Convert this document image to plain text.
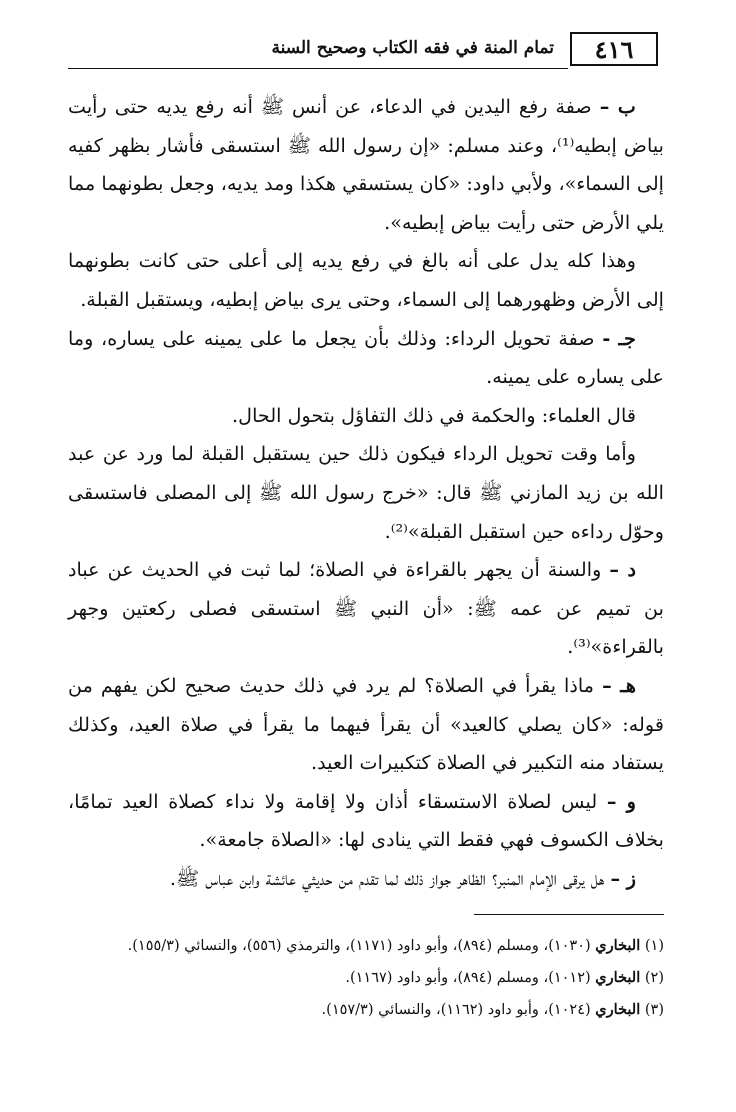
٤١٦
تمام المنة في فقه الكتاب وصحيح السنة

ب – صفة رفع اليدين في الدعاء، عن أنس ﷺ أنه رفع يديه حتى رأيت بياض إبطيه⁽¹⁾، وعند مسلم: «إن رسول الله ﷺ استسقى فأشار بظهر كفيه إلى السماء»، ولأبي داود: «كان يستسقي هكذا ومد يديه، وجعل بطونهما مما يلي الأرض حتى رأيت بياض إبطيه».

وهذا كله يدل على أنه بالغ في رفع يديه إلى أعلى حتى كانت بطونهما إلى الأرض وظهورهما إلى السماء، وحتى يرى بياض إبطيه، ويستقبل القبلة.

جـ - صفة تحويل الرداء: وذلك بأن يجعل ما على يمينه على يساره، وما على يساره على يمينه.

قال العلماء: والحكمة في ذلك التفاؤل بتحول الحال.

وأما وقت تحويل الرداء فيكون ذلك حين يستقبل القبلة لما ورد عن عبد الله بن زيد المازني ﷺ قال: «خرج رسول الله ﷺ إلى المصلى فاستسقى وحوّل رداءه حين استقبل القبلة»⁽²⁾.

د – والسنة أن يجهر بالقراءة في الصلاة؛ لما ثبت في الحديث عن عباد بن تميم عن عمه ﷺ: «أن النبي ﷺ استسقى فصلى ركعتين وجهر بالقراءة»⁽³⁾.

هـ – ماذا يقرأ في الصلاة؟ لم يرد في ذلك حديث صحيح لكن يفهم من قوله: «كان يصلي كالعيد» أن يقرأ فيهما ما يقرأ في صلاة العيد، وكذلك يستفاد منه التكبير في الصلاة كتكبيرات العيد.

و – ليس لصلاة الاستسقاء أذان ولا إقامة ولا نداء كصلاة العيد تمامًا، بخلاف الكسوف فهي فقط التي ينادى لها: «الصلاة جامعة».

ز – هل يرقى الإمام المنبر؟ الظاهر جواز ذلك لما تقدم من حديثي عائشة وابن عباس ﷺ.

(١) البخاري (١٠٣٠)، ومسلم (٨٩٤)، وأبو داود (١١٧١)، والترمذي (٥٥٦)، والنسائي (١٥٥/٣).

(٢) البخاري (١٠١٢)، ومسلم (٨٩٤)، وأبو داود (١١٦٧).

(٣) البخاري (١٠٢٤)، وأبو داود (١١٦٢)، والنسائي (١٥٧/٣).
